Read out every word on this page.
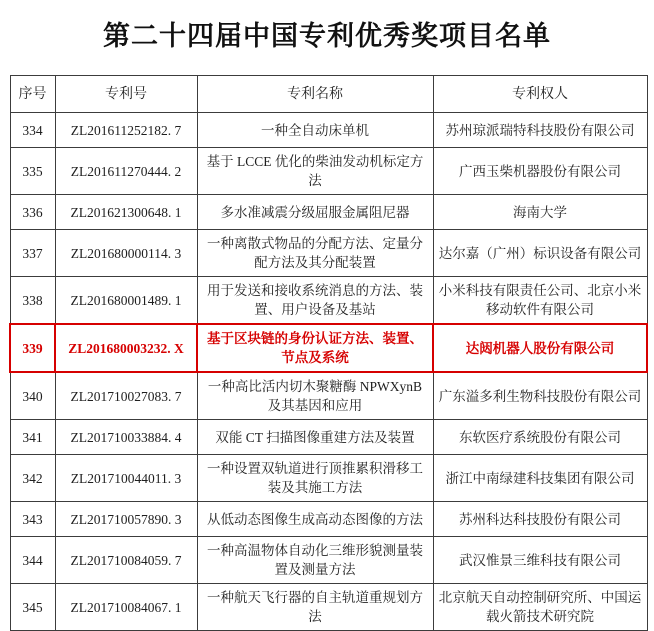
第二十四届中国专利优秀奖项目名单
序号	专利号	专利名称	专利权人
334	ZL201611252182. 7	一种全自动床单机	苏州琼派瑞特科技股份有限公司
335	ZL201611270444. 2	基于 LCCE 优化的柴油发动机标定方法	广西玉柴机器股份有限公司
336	ZL201621300648. 1	多水准减震分级屈服金属阻尼器	海南大学
337	ZL201680000114. 3	一种离散式物品的分配方法、定量分配方法及其分配装置	达尔嘉（广州）标识设备有限公司
338	ZL201680001489. 1	用于发送和接收系统消息的方法、装置、用户设备及基站	小米科技有限责任公司、北京小米移动软件有限公司
339	ZL201680003232. X	基于区块链的身份认证方法、装置、节点及系统	达闼机器人股份有限公司
340	ZL201710027083. 7	一种高比活内切木聚糖酶 NPWXynB 及其基因和应用	广东溢多利生物科技股份有限公司
341	ZL201710033884. 4	双能 CT 扫描图像重建方法及装置	东软医疗系统股份有限公司
342	ZL201710044011. 3	一种设置双轨道进行顶推累积滑移工装及其施工方法	浙江中南绿建科技集团有限公司
343	ZL201710057890. 3	从低动态图像生成高动态图像的方法	苏州科达科技股份有限公司
344	ZL201710084059. 7	一种高温物体自动化三维形貌测量装置及测量方法	武汉惟景三维科技有限公司
345	ZL201710084067. 1	一种航天飞行器的自主轨道重规划方法	北京航天自动控制研究所、中国运载火箭技术研究院
